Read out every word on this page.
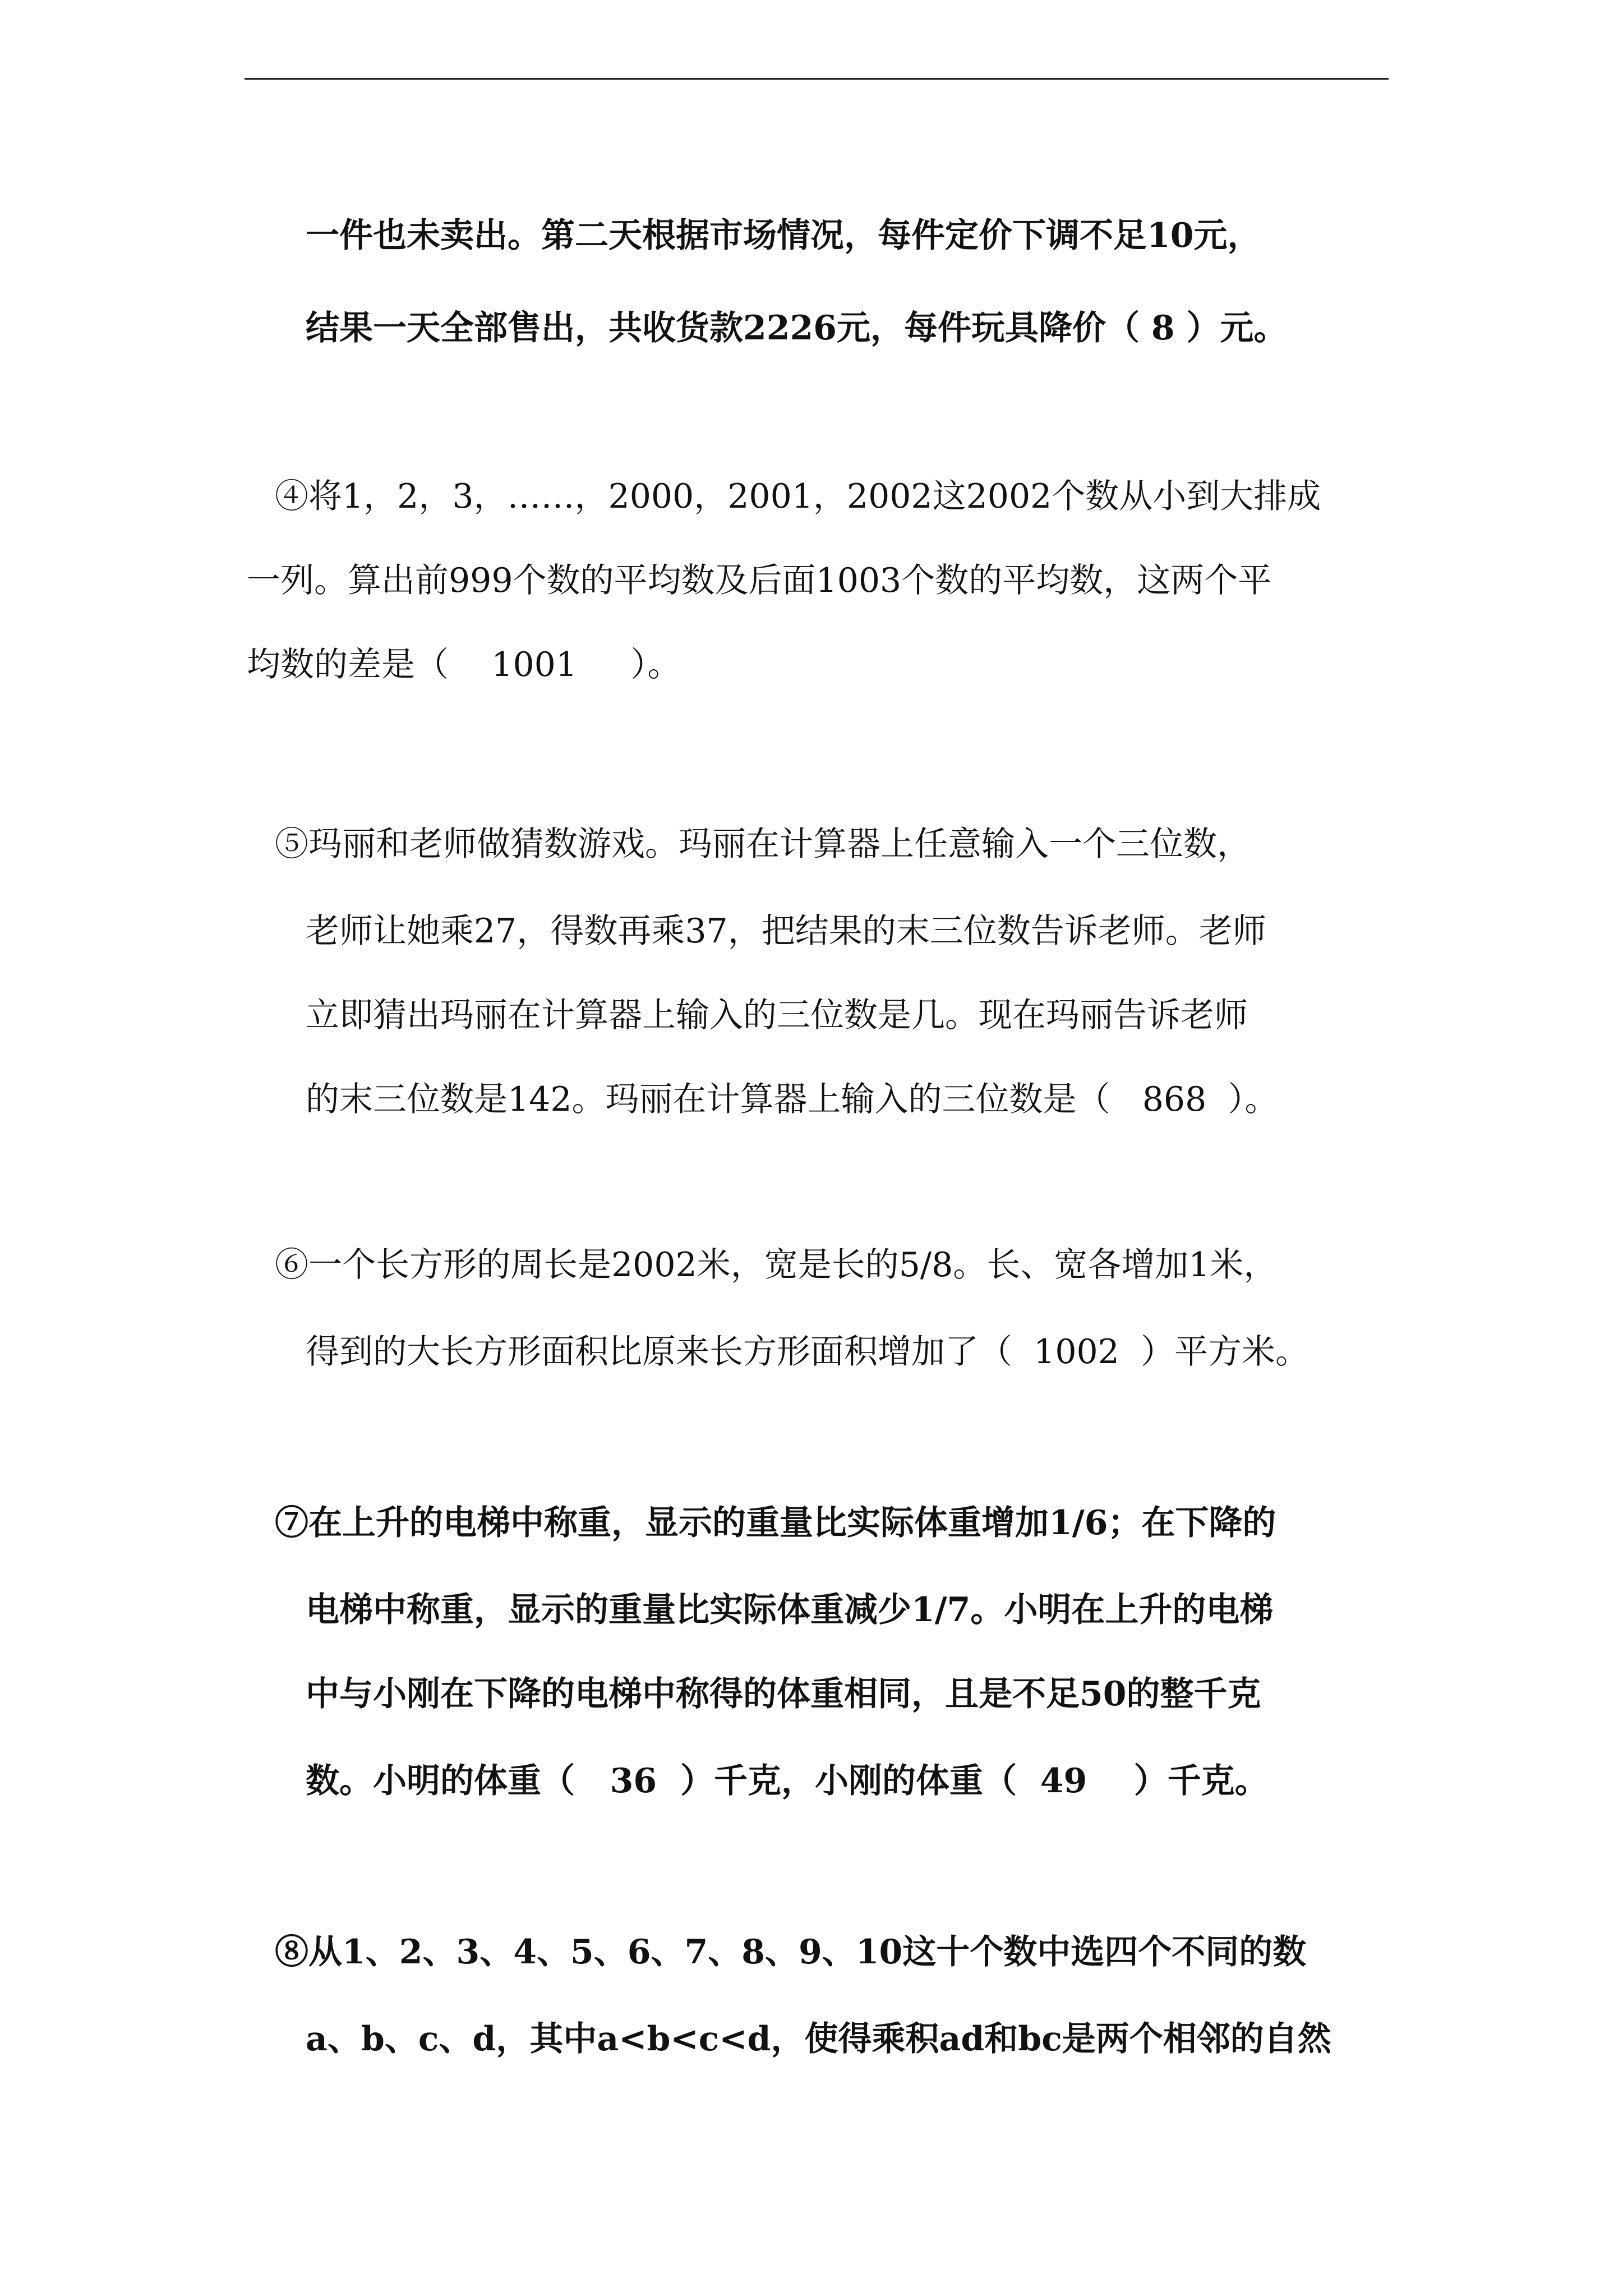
一件也未卖出。第二天根据市场情况，每件定价下调不足10元，
结果一天全部售出，共收货款2226元，每件玩具降价（ 8 ）元。
④将1，2，3，……，2000，2001，2002这2002个数从小到大排成
一列。算出前999个数的平均数及后面1003个数的平均数，这两个平
均数的差是（    1001     ）。
⑤玛丽和老师做猜数游戏。玛丽在计算器上任意输入一个三位数，
老师让她乘27，得数再乘37，把结果的末三位数告诉老师。老师
立即猜出玛丽在计算器上输入的三位数是几。现在玛丽告诉老师
的末三位数是142。玛丽在计算器上输入的三位数是（   868  ）。
⑥一个长方形的周长是2002米，宽是长的5/8。长、宽各增加1米，
得到的大长方形面积比原来长方形面积增加了（  1002  ）平方米。
⑦在上升的电梯中称重，显示的重量比实际体重增加1/6；在下降的
电梯中称重，显示的重量比实际体重减少1/7。小明在上升的电梯
中与小刚在下降的电梯中称得的体重相同，且是不足50的整千克
数。小明的体重（   36  ）千克，小刚的体重（  49    ）千克。
⑧从1、2、3、4、5、6、7、8、9、10这十个数中选四个不同的数
a、b、c、d，其中a<b<c<d，使得乘积ad和bc是两个相邻的自然
